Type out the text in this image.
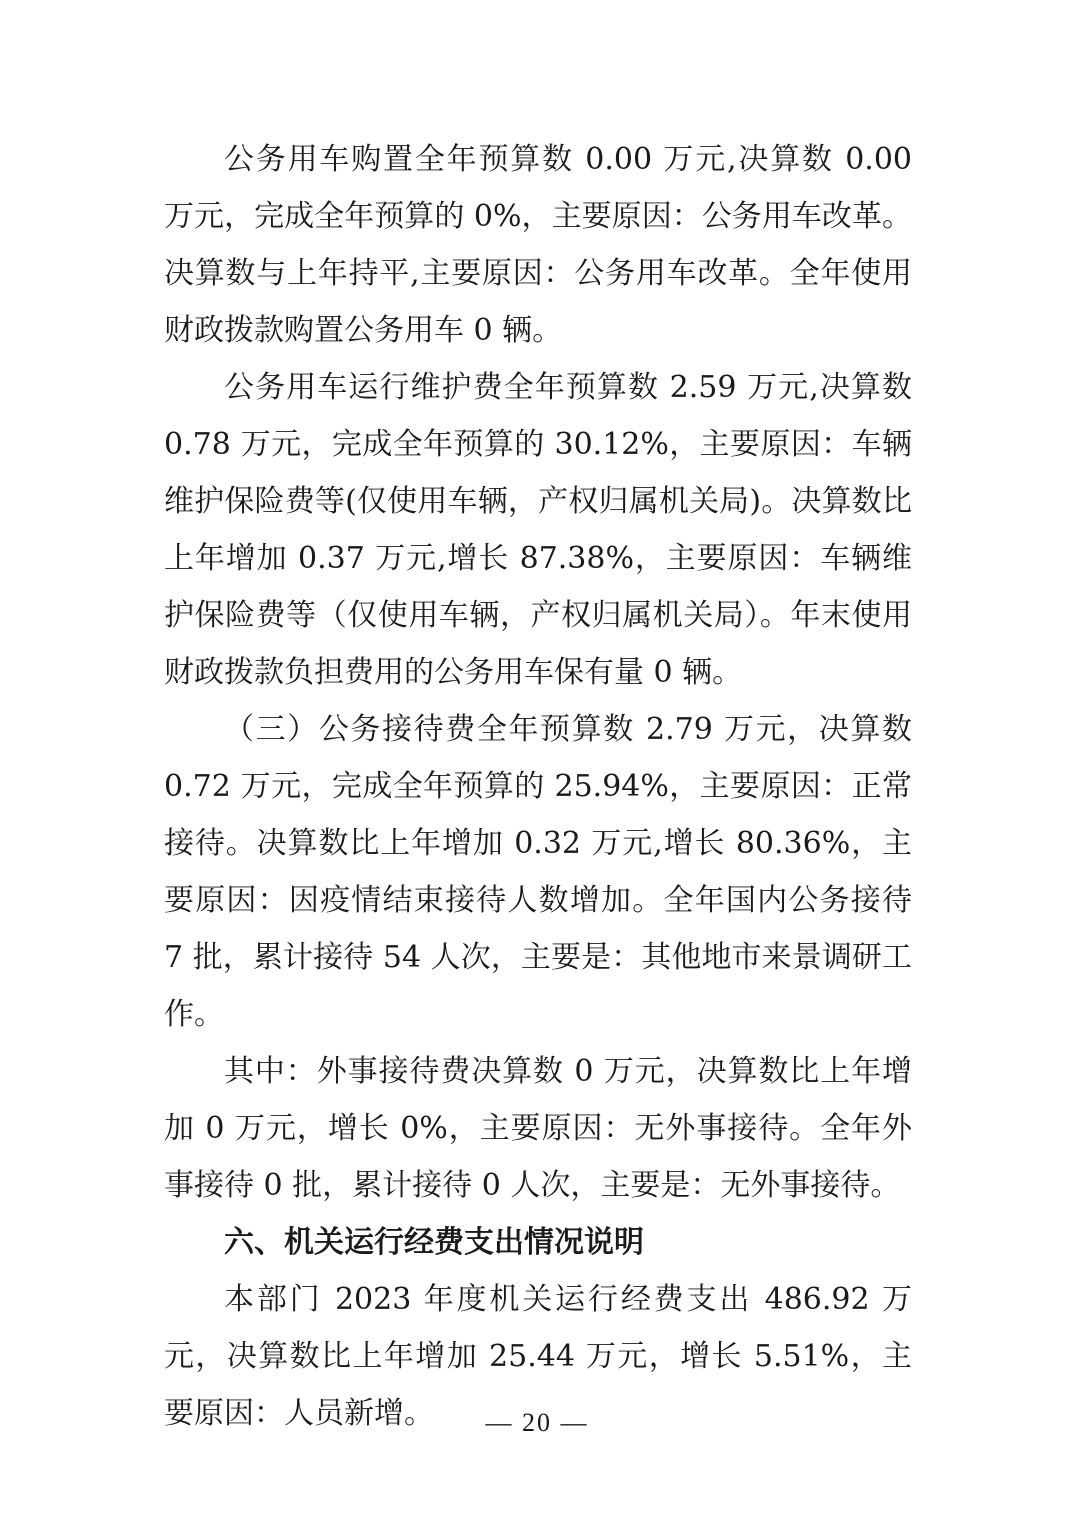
公务用车购置全年预算数 0.00 万元,决算数 0.00 万元，完成全年预算的 0%，主要原因：公务用车改革。决算数与上年持平,主要原因：公务用车改革。全年使用财政拨款购置公务用车 0 辆。

公务用车运行维护费全年预算数 2.59 万元,决算数 0.78 万元，完成全年预算的 30.12%，主要原因：车辆维护保险费等(仅使用车辆，产权归属机关局)。决算数比上年增加 0.37 万元,增长 87.38%，主要原因：车辆维护保险费等（仅使用车辆，产权归属机关局）。年末使用财政拨款负担费用的公务用车保有量 0 辆。

（三）公务接待费全年预算数 2.79 万元，决算数 0.72 万元，完成全年预算的 25.94%，主要原因：正常接待。决算数比上年增加 0.32 万元,增长 80.36%，主要原因：因疫情结束接待人数增加。全年国内公务接待 7 批，累计接待 54 人次，主要是：其他地市来景调研工作。

其中：外事接待费决算数 0 万元，决算数比上年增加 0 万元，增长 0%，主要原因：无外事接待。全年外事接待 0 批，累计接待 0 人次，主要是：无外事接待。

六、机关运行经费支出情况说明

本部门 2023 年度机关运行经费支出 486.92 万元，决算数比上年增加 25.44 万元，增长 5.51%，主要原因：人员新增。	— 20 —
